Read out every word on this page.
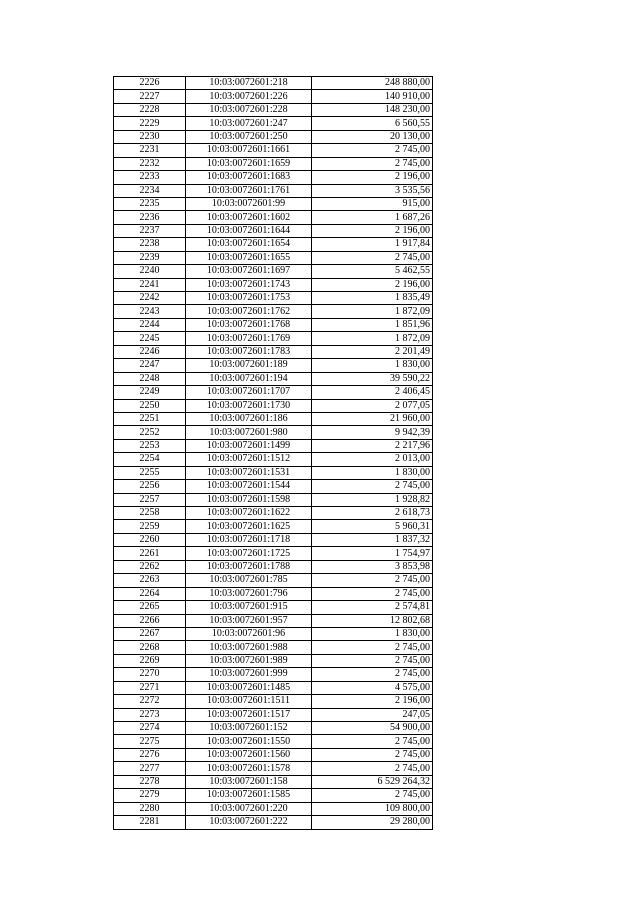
2226	10:03:0072601:218	248 880,00
2227	10:03:0072601:226	140 910,00
2228	10:03:0072601:228	148 230,00
2229	10:03:0072601:247	6 560,55
2230	10:03:0072601:250	20 130,00
2231	10:03:0072601:1661	2 745,00
2232	10:03:0072601:1659	2 745,00
2233	10:03:0072601:1683	2 196,00
2234	10:03:0072601:1761	3 535,56
2235	10:03:0072601:99	915,00
2236	10:03:0072601:1602	1 687,26
2237	10:03:0072601:1644	2 196,00
2238	10:03:0072601:1654	1 917,84
2239	10:03:0072601:1655	2 745,00
2240	10:03:0072601:1697	5 462,55
2241	10:03:0072601:1743	2 196,00
2242	10:03:0072601:1753	1 835,49
2243	10:03:0072601:1762	1 872,09
2244	10:03:0072601:1768	1 851,96
2245	10:03:0072601:1769	1 872,09
2246	10:03:0072601:1783	2 201,49
2247	10:03:0072601:189	1 830,00
2248	10:03:0072601:194	39 590,22
2249	10:03:0072601:1707	2 406,45
2250	10:03:0072601:1730	2 077,05
2251	10:03:0072601:186	21 960,00
2252	10:03:0072601:980	9 942,39
2253	10:03:0072601:1499	2 217,96
2254	10:03:0072601:1512	2 013,00
2255	10:03:0072601:1531	1 830,00
2256	10:03:0072601:1544	2 745,00
2257	10:03:0072601:1598	1 928,82
2258	10:03:0072601:1622	2 618,73
2259	10:03:0072601:1625	5 960,31
2260	10:03:0072601:1718	1 837,32
2261	10:03:0072601:1725	1 754,97
2262	10:03:0072601:1788	3 853,98
2263	10:03:0072601:785	2 745,00
2264	10:03:0072601:796	2 745,00
2265	10:03:0072601:915	2 574,81
2266	10:03:0072601:957	12 802,68
2267	10:03:0072601:96	1 830,00
2268	10:03:0072601:988	2 745,00
2269	10:03:0072601:989	2 745,00
2270	10:03:0072601:999	2 745,00
2271	10:03:0072601:1485	4 575,00
2272	10:03:0072601:1511	2 196,00
2273	10:03:0072601:1517	247,05
2274	10:03:0072601:152	54 900,00
2275	10:03:0072601:1550	2 745,00
2276	10:03:0072601:1560	2 745,00
2277	10:03:0072601:1578	2 745,00
2278	10:03:0072601:158	6 529 264,32
2279	10:03:0072601:1585	2 745,00
2280	10:03:0072601:220	109 800,00
2281	10:03:0072601:222	29 280,00
